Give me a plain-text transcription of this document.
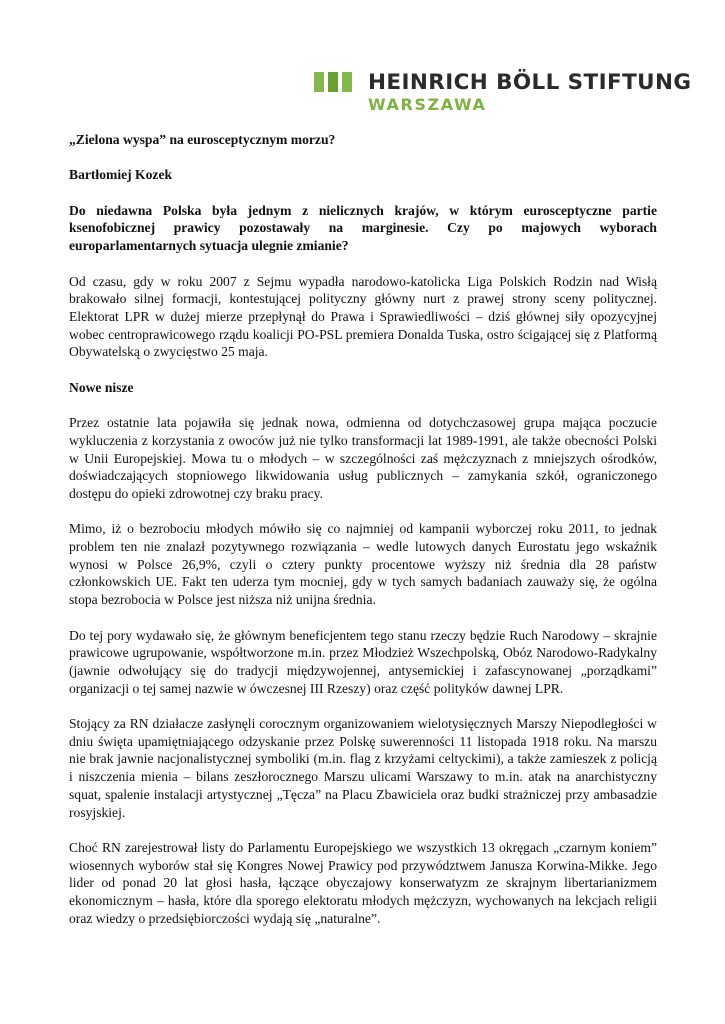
HEINRICH BÖLL STIFTUNG
WARSZAWA

„Zielona wyspa” na eurosceptycznym morzu?

Bartłomiej Kozek

Do niedawna Polska była jednym z nielicznych krajów, w którym eurosceptyczne partie ksenofobicznej prawicy pozostawały na marginesie. Czy po majowych wyborach europarlamentarnych sytuacja ulegnie zmianie?

Od czasu, gdy w roku 2007 z Sejmu wypadła narodowo-katolicka Liga Polskich Rodzin nad Wisłą brakowało silnej formacji, kontestującej polityczny główny nurt z prawej strony sceny politycznej. Elektorat LPR w dużej mierze przepłynął do Prawa i Sprawiedliwości – dziś głównej siły opozycyjnej wobec centroprawicowego rządu koalicji PO-PSL premiera Donalda Tuska, ostro ścigającej się z Platformą Obywatelską o zwycięstwo 25 maja.

Nowe nisze

Przez ostatnie lata pojawiła się jednak nowa, odmienna od dotychczasowej grupa mająca poczucie wykluczenia z korzystania z owoców już nie tylko transformacji lat 1989-1991, ale także obecności Polski w Unii Europejskiej. Mowa tu o młodych – w szczególności zaś mężczyznach z mniejszych ośrodków, doświadczających stopniowego likwidowania usług publicznych – zamykania szkół, ograniczonego dostępu do opieki zdrowotnej czy braku pracy.

Mimo, iż o bezrobociu młodych mówiło się co najmniej od kampanii wyborczej roku 2011, to jednak problem ten nie znalazł pozytywnego rozwiązania – wedle lutowych danych Eurostatu jego wskaźnik wynosi w Polsce 26,9%, czyli o cztery punkty procentowe wyższy niż średnia dla 28 państw członkowskich UE. Fakt ten uderza tym mocniej, gdy w tych samych badaniach zauważy się, że ogólna stopa bezrobocia w Polsce jest niższa niż unijna średnia.

Do tej pory wydawało się, że głównym beneficjentem tego stanu rzeczy będzie Ruch Narodowy – skrajnie prawicowe ugrupowanie, współtworzone m.in. przez Młodzież Wszechpolską, Obóz Narodowo-Radykalny (jawnie odwołujący się do tradycji międzywojennej, antysemickiej i zafascynowanej „porządkami” organizacji o tej samej nazwie w ówczesnej III Rzeszy) oraz część polityków dawnej LPR.

Stojący za RN działacze zasłynęli corocznym organizowaniem wielotysięcznych Marszy Niepodległości w dniu święta upamiętniającego odzyskanie przez Polskę suwerenności 11 listopada 1918 roku. Na marszu nie brak jawnie nacjonalistycznej symboliki (m.in. flag z krzyżami celtyckimi), a także zamieszek z policją i niszczenia mienia – bilans zeszłorocznego Marszu ulicami Warszawy to m.in. atak na anarchistyczny squat, spalenie instalacji artystycznej „Tęcza” na Placu Zbawiciela oraz budki strażniczej przy ambasadzie rosyjskiej.

Choć RN zarejestrował listy do Parlamentu Europejskiego we wszystkich 13 okręgach „czarnym koniem” wiosennych wyborów stał się Kongres Nowej Prawicy pod przywództwem Janusza Korwina-Mikke. Jego lider od ponad 20 lat głosi hasła, łączące obyczajowy konserwatyzm ze skrajnym libertarianizmem ekonomicznym – hasła, które dla sporego elektoratu młodych mężczyzn, wychowanych na lekcjach religii oraz wiedzy o przedsiębiorczości wydają się „naturalne”.
